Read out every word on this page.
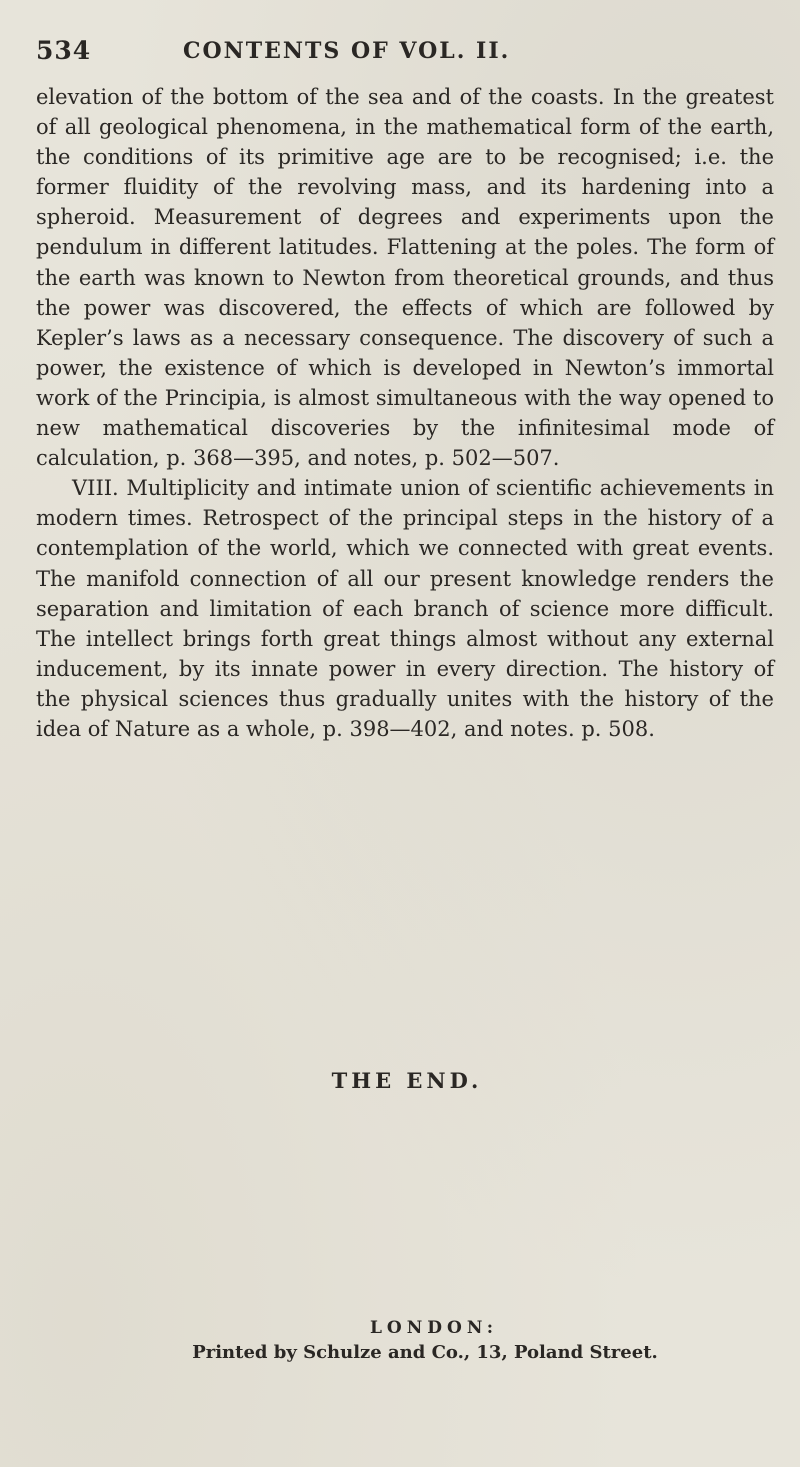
534	CONTENTS OF VOL. II.

elevation of the bottom of the sea and of the coasts. In the greatest of all geological phenomena, in the mathematical form of the earth, the conditions of its primitive age are to be recognised; i.e. the former fluidity of the revolving mass, and its hardening into a spheroid. Measurement of degrees and experiments upon the pendulum in different latitudes. Flattening at the poles. The form of the earth was known to Newton from theoretical grounds, and thus the power was discovered, the effects of which are followed by Kepler’s laws as a necessary consequence. The discovery of such a power, the existence of which is developed in Newton’s immortal work of the Principia, is almost simultaneous with the way opened to new mathematical discoveries by the infinitesimal mode of calculation, p. 368—395, and notes, p. 502—507.

VIII. Multiplicity and intimate union of scientific achievements in modern times. Retrospect of the principal steps in the history of a contemplation of the world, which we connected with great events. The manifold connection of all our present knowledge renders the separation and limitation of each branch of science more difficult. The intellect brings forth great things almost without any external inducement, by its innate power in every direction. The history of the physical sciences thus gradually unites with the history of the idea of Nature as a whole, p. 398—402, and notes. p. 508.

THE END.
LONDON:
Printed by Schulze and Co., 13, Poland Street.
